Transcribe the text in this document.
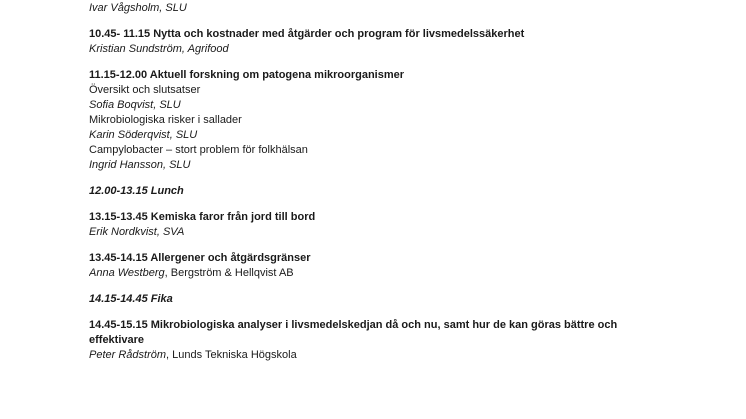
Ivar Vågsholm, SLU
10.45- 11.15 Nytta och kostnader med åtgärder och program för livsmedelssäkerhet
Kristian Sundström, Agrifood
11.15-12.00 Aktuell forskning om patogena mikroorganismer
Översikt och slutsatser
Sofia Boqvist, SLU
Mikrobiologiska risker i sallader
Karin Söderqvist, SLU
Campylobacter – stort problem för folkhälsan
Ingrid Hansson, SLU
12.00-13.15 Lunch
13.15-13.45 Kemiska faror från jord till bord
Erik Nordkvist, SVA
13.45-14.15 Allergener och åtgärdsgränser
Anna Westberg, Bergström & Hellqvist AB
14.15-14.45 Fika
14.45-15.15 Mikrobiologiska analyser i livsmedelskedjan då och nu, samt hur de kan göras bättre och
effektivare
Peter Rådström, Lunds Tekniska Högskola
